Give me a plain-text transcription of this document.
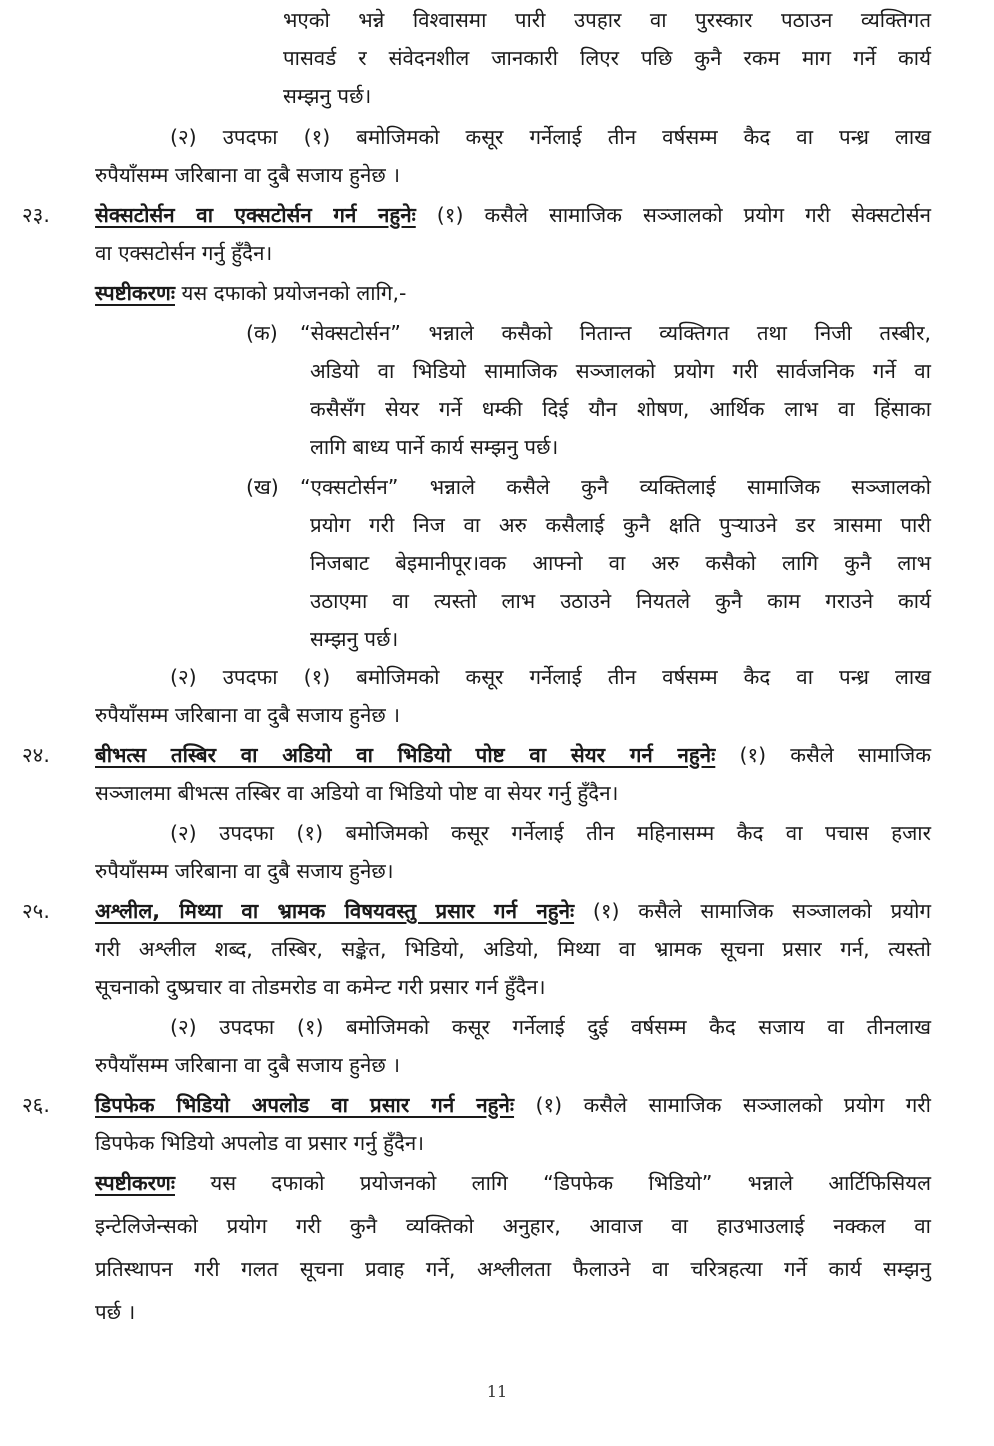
भएको भन्ने विश्वासमा पारी उपहार वा पुरस्कार पठाउन व्यक्तिगत
पासवर्ड र संवेदनशील जानकारी लिएर पछि कुनै रकम माग गर्ने कार्य
सम्झनु पर्छ।
(२) उपदफा (१) बमोजिमको कसूर गर्नेलाई तीन वर्षसम्म कैद वा पन्ध्र लाख
रुपैयाँसम्म जरिबाना वा दुबै सजाय हुनेछ ।
२३. सेक्सटोर्सन वा एक्सटोर्सन गर्न नहुनेः (१) कसैले सामाजिक सञ्जालको प्रयोग गरी सेक्सटोर्सन
वा एक्सटोर्सन गर्नु हुँदैन।
स्पष्टीकरणः यस दफाको प्रयोजनको लागि,-
(क) “सेक्सटोर्सन” भन्नाले कसैको नितान्त व्यक्तिगत तथा निजी तस्बीर,
अडियो वा भिडियो सामाजिक सञ्जालको प्रयोग गरी सार्वजनिक गर्ने वा
कसैसँग सेयर गर्ने धम्की दिई यौन शोषण, आर्थिक लाभ वा हिंसाका
लागि बाध्य पार्ने कार्य सम्झनु पर्छ।
(ख) “एक्सटोर्सन” भन्नाले कसैले कुनै व्यक्तिलाई सामाजिक सञ्जालको
प्रयोग गरी निज वा अरु कसैलाई कुनै क्षति पुर्‍याउने डर त्रासमा पारी
निजबाट बेइमानीपूर।वक आफ्नो वा अरु कसैको लागि कुनै लाभ
उठाएमा वा त्यस्तो लाभ उठाउने नियतले कुनै काम गराउने कार्य
सम्झनु पर्छ।
(२) उपदफा (१) बमोजिमको कसूर गर्नेलाई तीन वर्षसम्म कैद वा पन्ध्र लाख
रुपैयाँसम्म जरिबाना वा दुबै सजाय हुनेछ ।
२४. बीभत्स तस्बिर वा अडियो वा भिडियो पोष्ट वा सेयर गर्न नहुनेः (१) कसैले सामाजिक
सञ्जालमा बीभत्स तस्बिर वा अडियो वा भिडियो पोष्ट वा सेयर गर्नु हुँदैन।
(२) उपदफा (१) बमोजिमको कसूर गर्नेलाई तीन महिनासम्म कैद वा पचास हजार
रुपैयाँसम्म जरिबाना वा दुबै सजाय हुनेछ।
२५. अश्लील, मिथ्या वा भ्रामक विषयवस्तु प्रसार गर्न नहुनेः (१) कसैले सामाजिक सञ्जालको प्रयोग
गरी अश्लील शब्द, तस्बिर, सङ्केत, भिडियो, अडियो, मिथ्या वा भ्रामक सूचना प्रसार गर्न, त्यस्तो
सूचनाको दुष्प्रचार वा तोडमरोड वा कमेन्ट गरी प्रसार गर्न हुँदैन।
(२) उपदफा (१) बमोजिमको कसूर गर्नेलाई दुई वर्षसम्म कैद सजाय वा तीनलाख
रुपैयाँसम्म जरिबाना वा दुबै सजाय हुनेछ ।
२६. डिपफेक भिडियो अपलोड वा प्रसार गर्न नहुनेः (१) कसैले सामाजिक सञ्जालको प्रयोग गरी
डिपफेक भिडियो अपलोड वा प्रसार गर्नु हुँदैन।
स्पष्टीकरणः यस दफाको प्रयोजनको लागि “डिपफेक भिडियो” भन्नाले आर्टिफिसियल
इन्टेलिजेन्सको प्रयोग गरी कुनै व्यक्तिको अनुहार, आवाज वा हाउभाउलाई नक्कल वा
प्रतिस्थापन गरी गलत सूचना प्रवाह गर्ने, अश्लीलता फैलाउने वा चरित्रहत्या गर्ने कार्य सम्झनु
पर्छ ।
11
